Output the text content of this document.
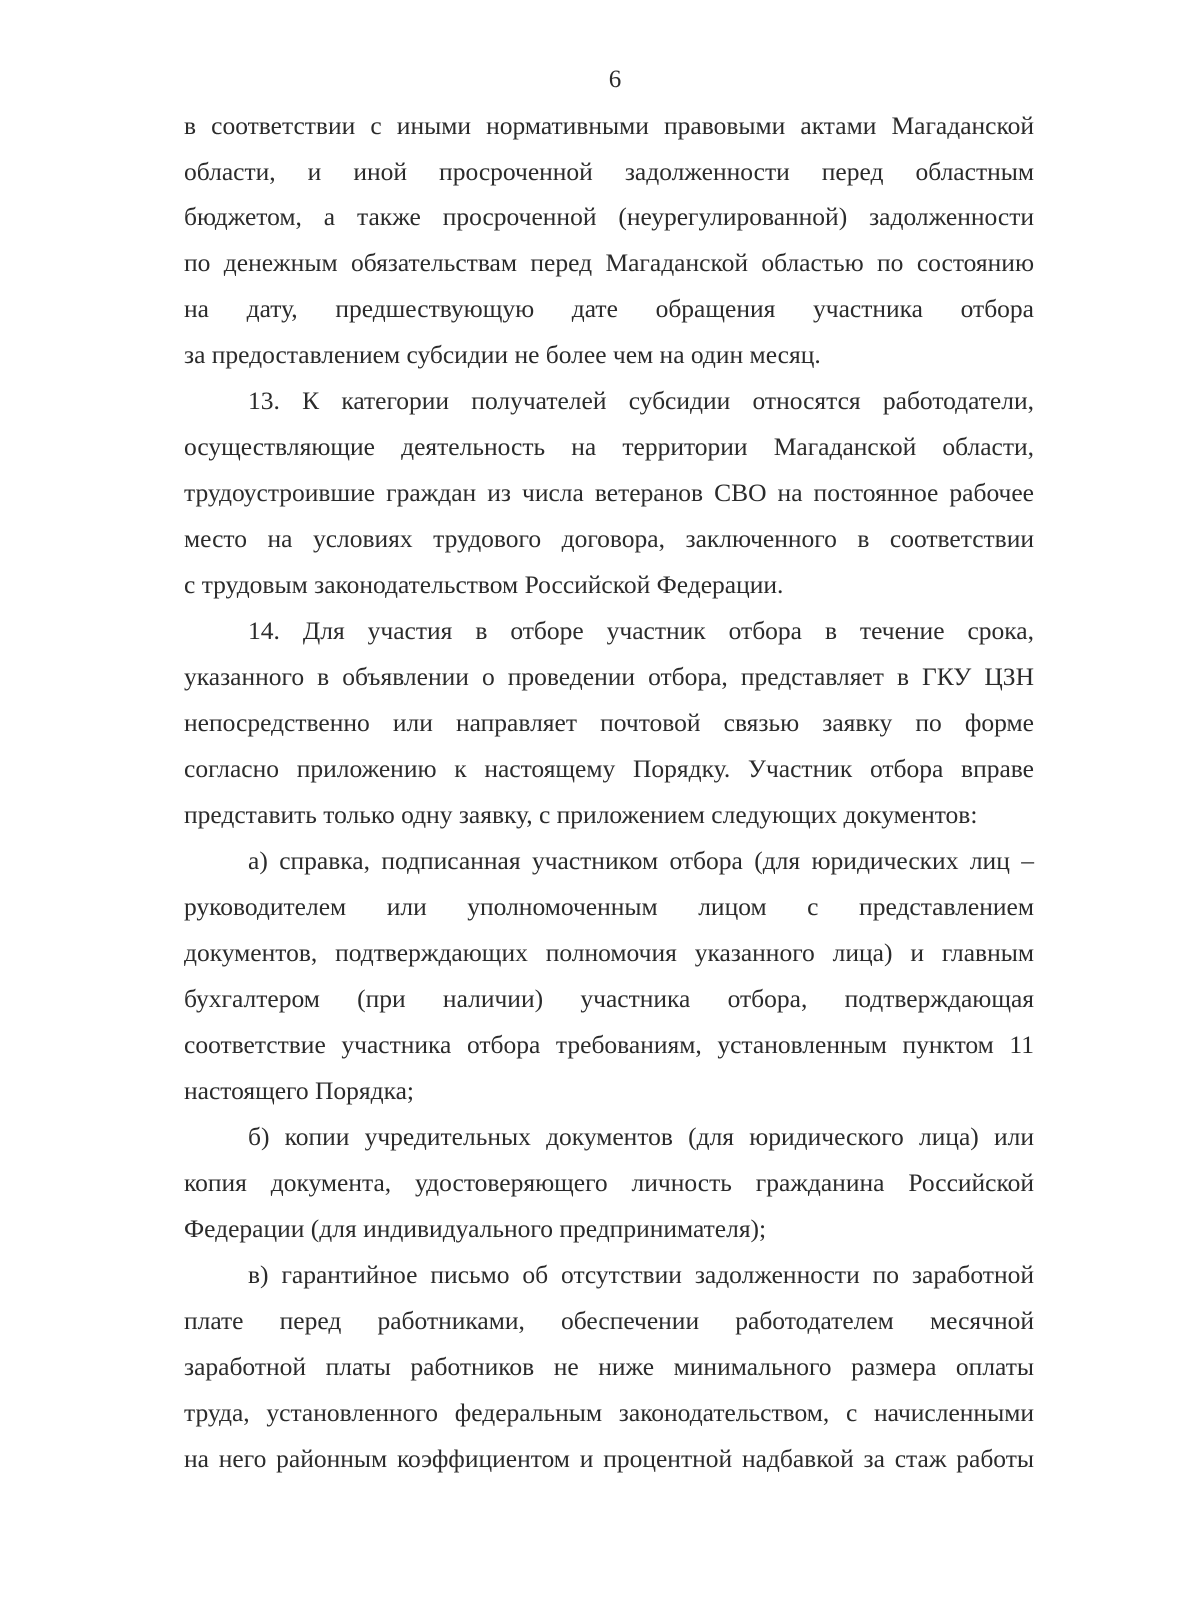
6
в соответствии с иными нормативными правовыми актами Магаданской
области, и иной просроченной задолженности перед областным
бюджетом, а также просроченной (неурегулированной) задолженности
по денежным обязательствам перед Магаданской областью по состоянию
на дату, предшествующую дате обращения участника отбора
за предоставлением субсидии не более чем на один месяц.
13. К категории получателей субсидии относятся работодатели,
осуществляющие деятельность на территории Магаданской области,
трудоустроившие граждан из числа ветеранов СВО на постоянное рабочее
место на условиях трудового договора, заключенного в соответствии
с трудовым законодательством Российской Федерации.
14. Для участия в отборе участник отбора в течение срока,
указанного в объявлении о проведении отбора, представляет в ГКУ ЦЗН
непосредственно или направляет почтовой связью заявку по форме
согласно приложению к настоящему Порядку. Участник отбора вправе
представить только одну заявку, с приложением следующих документов:
а) справка, подписанная участником отбора (для юридических лиц –
руководителем или уполномоченным лицом с представлением
документов, подтверждающих полномочия указанного лица) и главным
бухгалтером (при наличии) участника отбора, подтверждающая
соответствие участника отбора требованиям, установленным пунктом 11
настоящего Порядка;
б) копии учредительных документов (для юридического лица) или
копия документа, удостоверяющего личность гражданина Российской
Федерации (для индивидуального предпринимателя);
в) гарантийное письмо об отсутствии задолженности по заработной
плате перед работниками, обеспечении работодателем месячной
заработной платы работников не ниже минимального размера оплаты
труда, установленного федеральным законодательством, с начисленными
на него районным коэффициентом и процентной надбавкой за стаж работы
